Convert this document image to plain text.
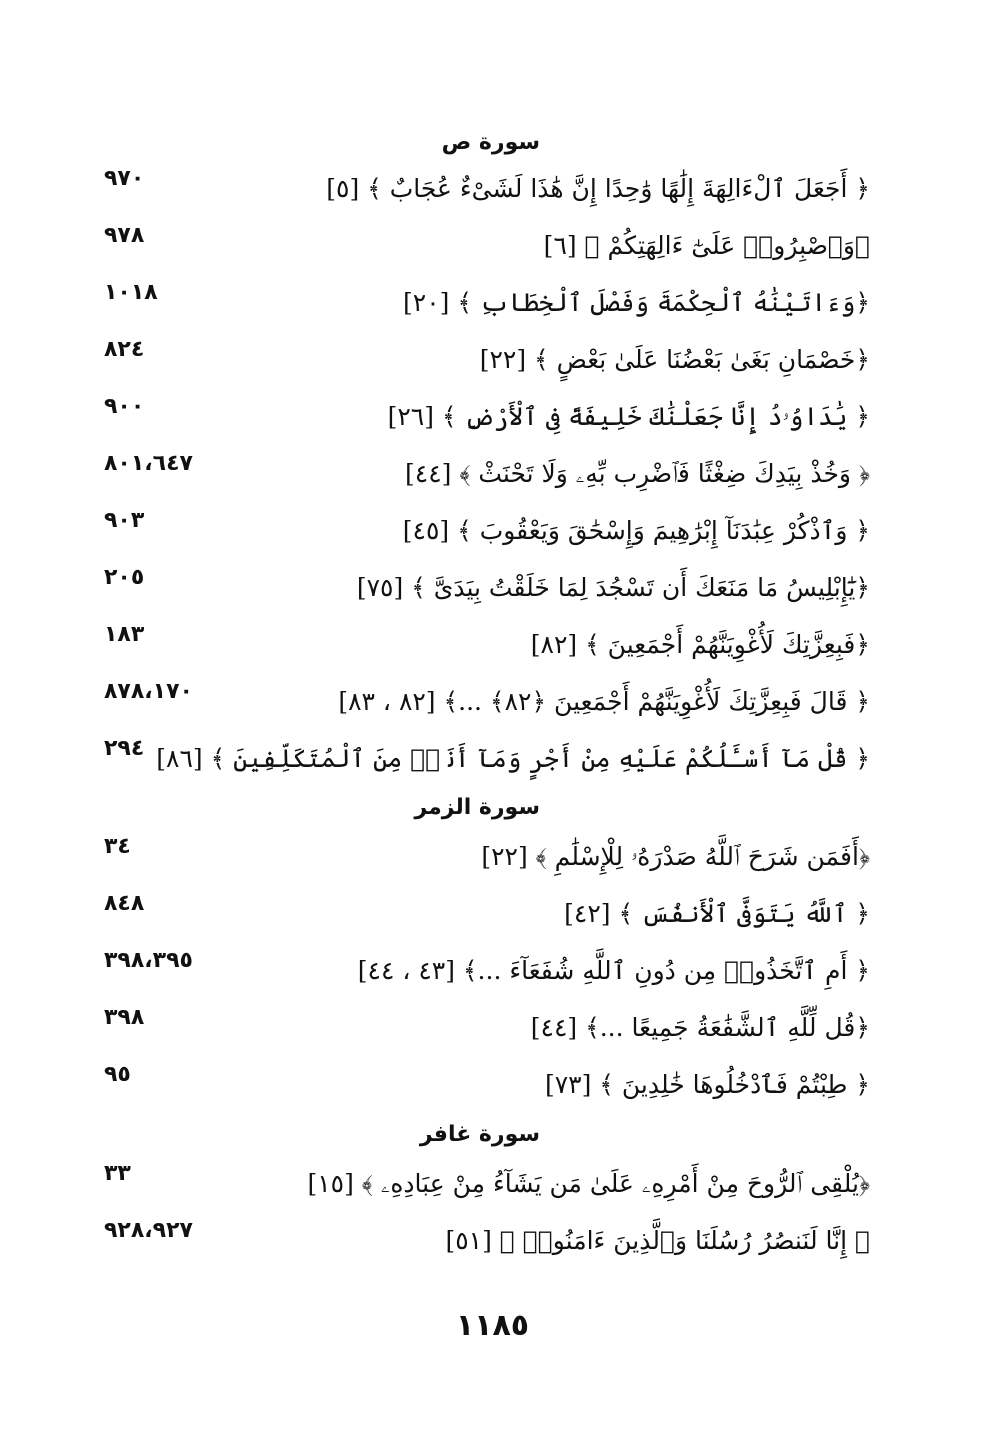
سورة ص
﴿ أَجَعَلَ ٱلْءَالِهَةَ إِلَٰهًا وَٰحِدًا إِنَّ هَٰذَا لَشَىْءٌ عُجَابٌ ﴾ [٥]
٩٧٠
﴿وَٱصْبِرُوا۟ عَلَىٰٓ ءَالِهَتِكُمْ ﴾ [٦]
٩٧٨
﴿وَءَاتَيْنَٰهُ ٱلْحِكْمَةَ وَفَصْلَ ٱلْخِطَابِ ﴾ [٢٠]
١٠١٨
﴿خَصْمَانِ بَغَىٰ بَعْضُنَا عَلَىٰ بَعْضٍ ﴾ [٢٢]
٨٢٤
﴿ يَٰدَاوُۥدُ إِنَّا جَعَلْنَٰكَ خَلِيفَةً فِى ٱلْأَرْضِ ﴾ [٢٦]
٩٠٠
﴿ وَخُذْ بِيَدِكَ ضِغْثًا فَٱضْرِب بِّهِۦ وَلَا تَحْنَثْ ﴾ [٤٤]
٨٠١،٦٤٧
﴿ وَٱذْكُرْ عِبَٰدَنَآ إِبْرَٰهِيمَ وَإِسْحَٰقَ وَيَعْقُوبَ ﴾ [٤٥]
٩٠٣
﴿يَٰٓإِبْلِيسُ مَا مَنَعَكَ أَن تَسْجُدَ لِمَا خَلَقْتُ بِيَدَىَّ ﴾ [٧٥]
٢٠٥
﴿فَبِعِزَّتِكَ لَأُغْوِيَنَّهُمْ أَجْمَعِينَ ﴾ [٨٢]
١٨٣
﴿ قَالَ فَبِعِزَّتِكَ لَأُغْوِيَنَّهُمْ أَجْمَعِينَ ﴿٨٢﴾ ...﴾ [٨٢ ، ٨٣]
٨٧٨،١٧٠
﴿ قُلْ مَآ أَسْـَٔلُكُمْ عَلَيْهِ مِنْ أَجْرٍ وَمَآ أَنَا۠ مِنَ ٱلْمُتَكَلِّفِينَ ﴾ [٨٦]
٢٩٤
سورة الزمر
﴿أَفَمَن شَرَحَ ٱللَّهُ صَدْرَهُۥ لِلْإِسْلَٰمِ ﴾ [٢٢]
٣٤
﴿ ٱللَّهُ يَتَوَفَّى ٱلْأَنفُسَ ﴾ [٤٢]
٨٤٨
﴿ أَمِ ٱتَّخَذُوا۟ مِن دُونِ ٱللَّهِ شُفَعَآءَ ...﴾ [٤٣ ، ٤٤]
٣٩٨،٣٩٥
﴿قُل لِّلَّهِ ٱلشَّفَٰعَةُ جَمِيعًا ...﴾ [٤٤]
٣٩٨
﴿ طِبْتُمْ فَٱدْخُلُوهَا خَٰلِدِينَ ﴾ [٧٣]
٩٥
سورة غافر
﴿يُلْقِى ٱلرُّوحَ مِنْ أَمْرِهِۦ عَلَىٰ مَن يَشَآءُ مِنْ عِبَادِهِۦ ﴾ [١٥]
٣٣
﴿ إِنَّا لَنَنصُرُ رُسُلَنَا وَٱلَّذِينَ ءَامَنُوا۟ ﴾ [٥١]
٩٢٨،٩٢٧
١١٨٥
